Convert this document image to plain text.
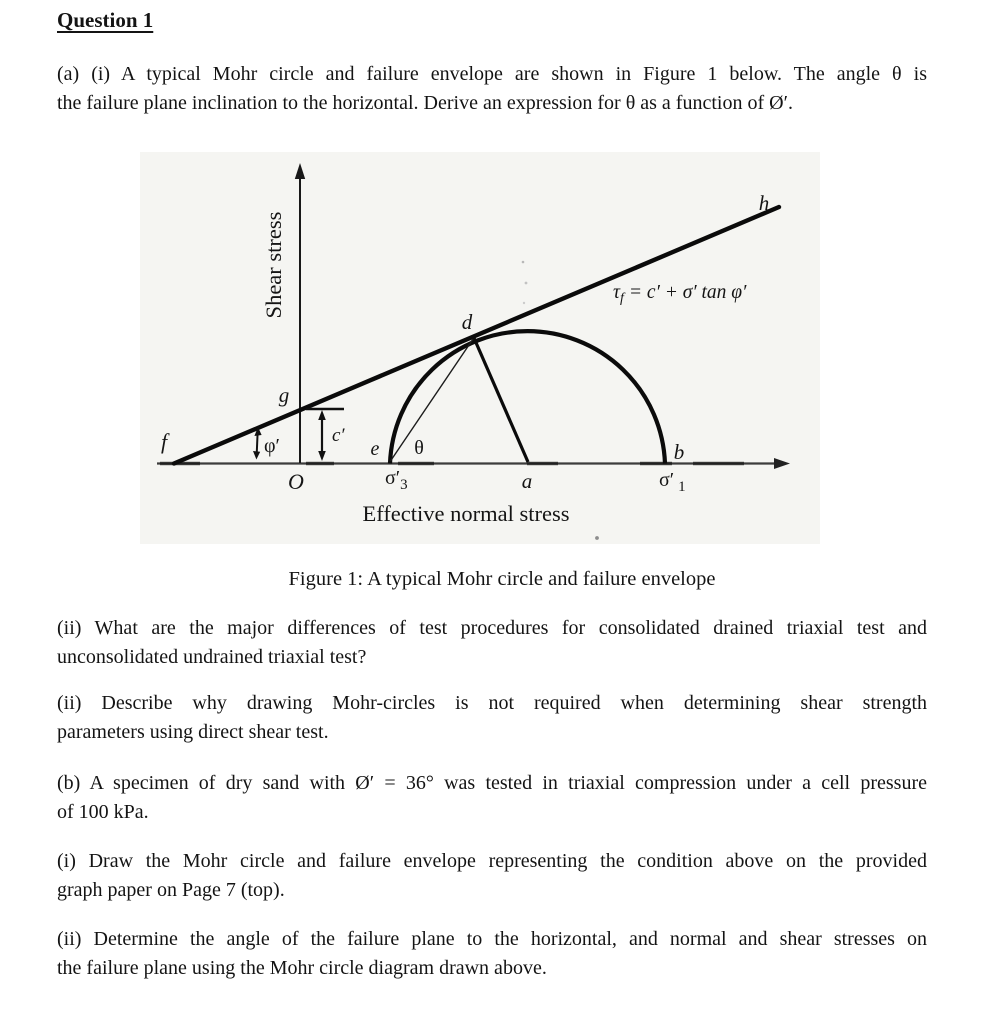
Question 1
(a) (i) A typical Mohr circle and failure envelope are shown in Figure 1 below. The angle θ is
the failure plane inclination to the horizontal. Derive an expression for θ as a function of Ø′.
Shear stress
Effective normal stress
h
$\tau_f = c' + \sigma'$ tan φ′
d
g
f	φ′	c′
e θ
O	$\sigma'_3$	a
b
σ′ $_1$
Figure 1: A typical Mohr circle and failure envelope
(ii) What are the major differences of test procedures for consolidated drained triaxial test and
unconsolidated undrained triaxial test?
(ii) Describe why drawing Mohr-circles is not required when determining shear strength
parameters using direct shear test.
(b) A specimen of dry sand with Ø′ = 36° was tested in triaxial compression under a cell pressure
of 100 kPa.
(i) Draw the Mohr circle and failure envelope representing the condition above on the provided
graph paper on Page 7 (top).
(ii) Determine the angle of the failure plane to the horizontal, and normal and shear stresses on
the failure plane using the Mohr circle diagram drawn above.
